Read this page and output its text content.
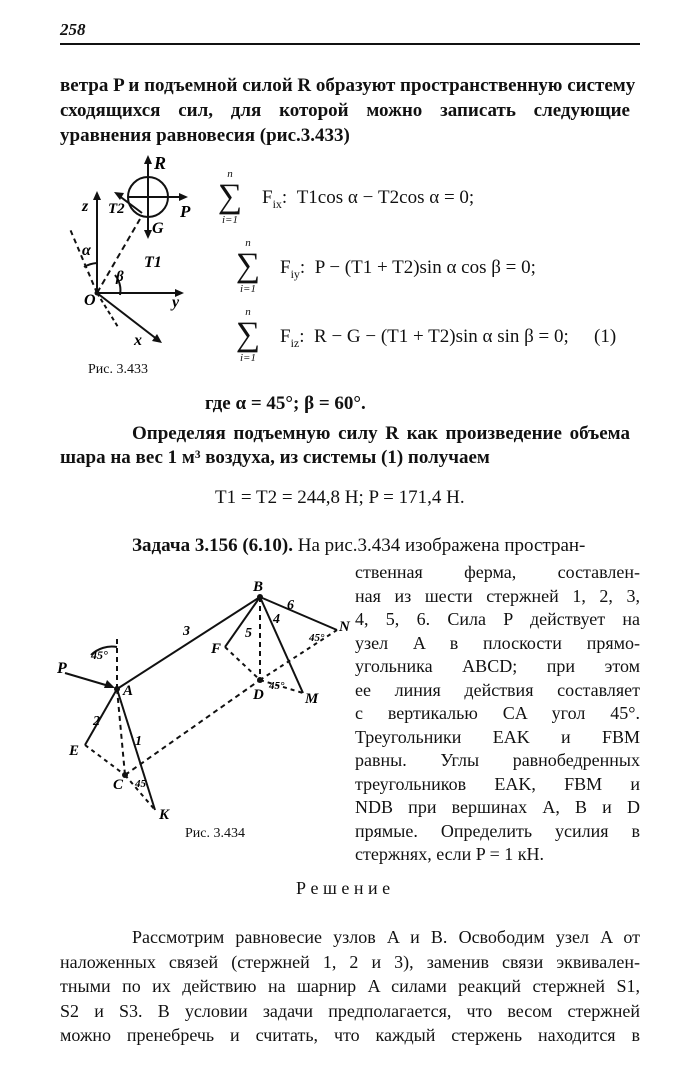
258
ветра P и подъемной силой R образуют пространственную систему
сходящихся сил, для которой можно записать следующие
уравнения равновесия (рис.3.433)
R
P
z T2
G
T1
α
β
O	y
x
Рис. 3.433
n
∑
i=1
$F_{ix}$:  T1cos α − T2cos α = 0;
n
∑
i=1
$F_{iy}$:  P − (T1 + T2)sin α cos β = 0;
n
∑
i=1
$F_{iz}$:  R − G − (T1 + T2)sin α sin β = 0; (1)
где α = 45°; β = 60°.
Определяя подъемную силу R как произведение объема
шара на вес 1 м³ воздуха, из системы (1) получаем
T1 = T2 = 244,8 H; P = 171,4 H.
Задача 3.156 (6.10). На рис.3.434 изображена простран-
ственная ферма, составлен-
ная из шести стержней 1, 2, 3,
4, 5, 6. Сила P действует на
узел A в плоскости прямо-
угольника ABCD; при этом
ее линия действия составляет
с вертикалью CA угол 45°.
Треугольники EAK и FBM
равны. Углы равнобедренных
треугольников EAK, FBM и
NDB при вершинах A, B и D
прямые. Определить усилия в
стержнях, если P = 1 кН.
B
P
A
E
C
K
D
F
M
N
1
2
3
4
5
6
45°
45
45°
45°
Рис. 3.434
Р е ш е н и е
Рассмотрим равновесие узлов A и B. Освободим узел A от
наложенных связей (стержней 1, 2 и 3), заменив связи эквивален-
тными по их действию на шарнир A силами реакций стержней S1,
S2 и S3. В условии задачи предполагается, что весом стержней
можно пренебречь и считать, что каждый стержень находится в
